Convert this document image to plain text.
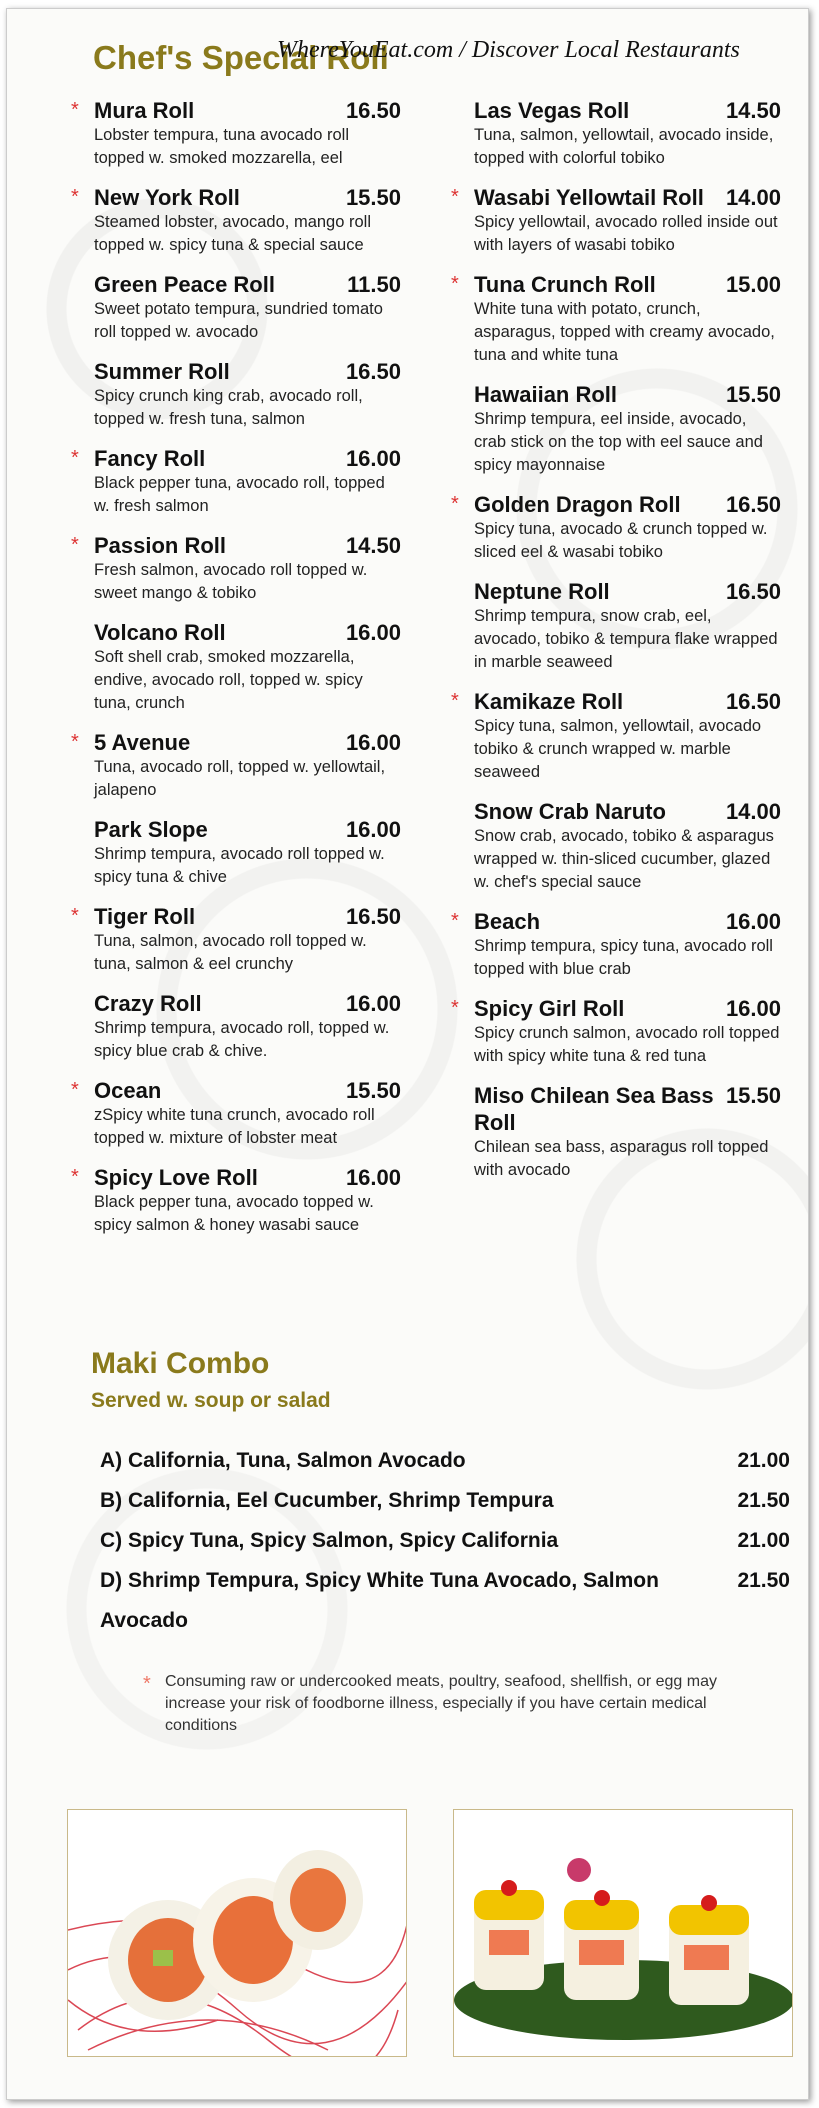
Chef's Special Roll
WhereYouEat.com / Discover Local Restaurants
* Mura Roll	16.50
Lobster tempura, tuna avocado roll topped w. smoked mozzarella, eel
* New York Roll	15.50
Steamed lobster, avocado, mango roll topped w. spicy tuna & special sauce
Green Peace Roll	11.50
Sweet potato tempura, sundried tomato roll topped w. avocado
Summer Roll	16.50
Spicy crunch king crab, avocado roll, topped w. fresh tuna, salmon
* Fancy Roll	16.00
Black pepper tuna, avocado roll, topped w. fresh salmon
* Passion Roll	14.50
Fresh salmon, avocado roll topped w. sweet mango & tobiko
Volcano Roll	16.00
Soft shell crab, smoked mozzarella, endive, avocado roll, topped w. spicy tuna, crunch
* 5 Avenue	16.00
Tuna, avocado roll, topped w. yellowtail, jalapeno
Park Slope	16.00
Shrimp tempura, avocado roll topped w. spicy tuna & chive
* Tiger Roll	16.50
Tuna, salmon, avocado roll topped w. tuna, salmon & eel crunchy
Crazy Roll	16.00
Shrimp tempura, avocado roll, topped w. spicy blue crab & chive.
* Ocean	15.50
zSpicy white tuna crunch, avocado roll topped w. mixture of lobster meat
* Spicy Love Roll	16.00
Black pepper tuna, avocado topped w. spicy salmon & honey wasabi sauce
Las Vegas Roll	14.50
Tuna, salmon, yellowtail, avocado inside, topped with colorful tobiko
* Wasabi Yellowtail Roll 14.00
Spicy yellowtail, avocado rolled inside out with layers of wasabi tobiko
* Tuna Crunch Roll	15.00
White tuna with potato, crunch, asparagus, topped with creamy avocado, tuna and white tuna
Hawaiian Roll	15.50
Shrimp tempura, eel inside, avocado, crab stick on the top with eel sauce and spicy mayonnaise
* Golden Dragon Roll 16.50
Spicy tuna, avocado & crunch topped w. sliced eel & wasabi tobiko
Neptune Roll	16.50
Shrimp tempura, snow crab, eel, avocado, tobiko & tempura flake wrapped in marble seaweed
* Kamikaze Roll	16.50
Spicy tuna, salmon, yellowtail, avocado tobiko & crunch wrapped w. marble seaweed
Snow Crab Naruto	14.00
Snow crab, avocado, tobiko & asparagus wrapped w. thin-sliced cucumber, glazed w. chef's special sauce
* Beach	16.00
Shrimp tempura, spicy tuna, avocado roll topped with blue crab
* Spicy Girl Roll	16.00
Spicy crunch salmon, avocado roll topped with spicy white tuna & red tuna
Miso Chilean Sea Bass Roll
15.50
Chilean sea bass, asparagus roll topped with avocado
Maki Combo
Served w. soup or salad
A) California, Tuna, Salmon Avocado	21.00
B) California, Eel Cucumber, Shrimp Tempura	21.50
C) Spicy Tuna, Spicy Salmon, Spicy California	21.00
D) Shrimp Tempura, Spicy White Tuna Avocado, Salmon Avocado
21.50
* Consuming raw or undercooked meats, poultry, seafood, shellfish, or egg may increase your risk of foodborne illness, especially if you have certain medical conditions
